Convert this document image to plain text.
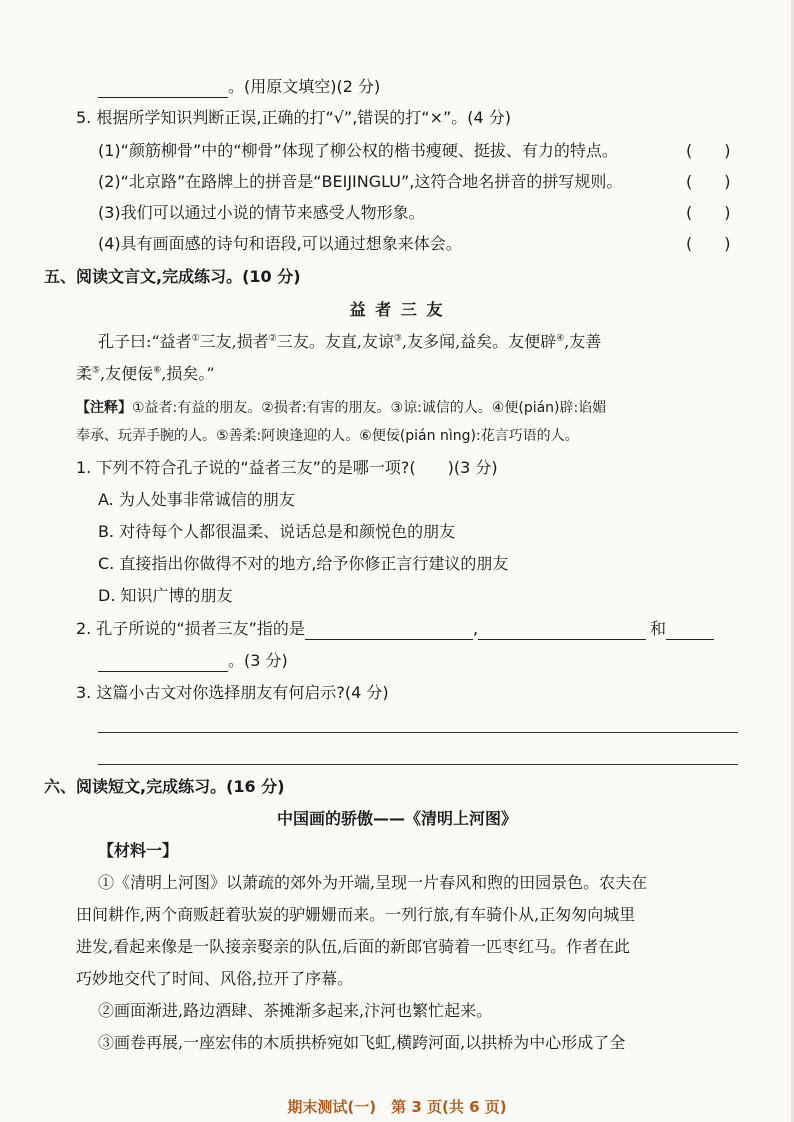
。(用原文填空)(2 分)
5. 根据所学知识判断正误,正确的打“√”,错误的打“×”。(4 分)
(1)“颜筋柳骨”中的“柳骨”体现了柳公权的楷书瘦硬、挺拔、有力的特点。	(　　)
(2)“北京路”在路牌上的拼音是“BEIJINGLU”,这符合地名拼音的拼写规则。	(　　)
(3)我们可以通过小说的情节来感受人物形象。	(　　)
(4)具有画面感的诗句和语段,可以通过想象来体会。	(　　)
五、阅读文言文,完成练习。(10 分)
益 者 三 友
孔子曰:“益者①三友,损者②三友。友直,友谅③,友多闻,益矣。友便辟④,友善
柔⑤,友便佞⑥,损矣。”
【注释】①益者:有益的朋友。②损者:有害的朋友。③谅:诚信的人。④便(pián)辟:谄媚
奉承、玩弄手腕的人。⑤善柔:阿谀逢迎的人。⑥便佞(pián nìng):花言巧语的人。
1. 下列不符合孔子说的“益者三友”的是哪一项?(　　)(3 分)
A. 为人处事非常诚信的朋友
B. 对待每个人都很温柔、说话总是和颜悦色的朋友
C. 直接指出你做得不对的地方,给予你修正言行建议的朋友
D. 知识广博的朋友
2. 孔子所说的“损者三友”指的是	,	和
。(3 分)
3. 这篇小古文对你选择朋友有何启示?(4 分)
六、阅读短文,完成练习。(16 分)
中国画的骄傲——《清明上河图》
【材料一】
①《清明上河图》以萧疏的郊外为开端,呈现一片春风和煦的田园景色。农夫在
田间耕作,两个商贩赶着驮炭的驴姗姗而来。一列行旅,有车骑仆从,正匆匆向城里
进发,看起来像是一队接亲娶亲的队伍,后面的新郎官骑着一匹枣红马。作者在此
巧妙地交代了时间、风俗,拉开了序幕。
②画面渐进,路边酒肆、茶摊渐多起来,汴河也繁忙起来。
③画卷再展,一座宏伟的木质拱桥宛如飞虹,横跨河面,以拱桥为中心形成了全
期末测试(一)　第 3 页(共 6 页)
